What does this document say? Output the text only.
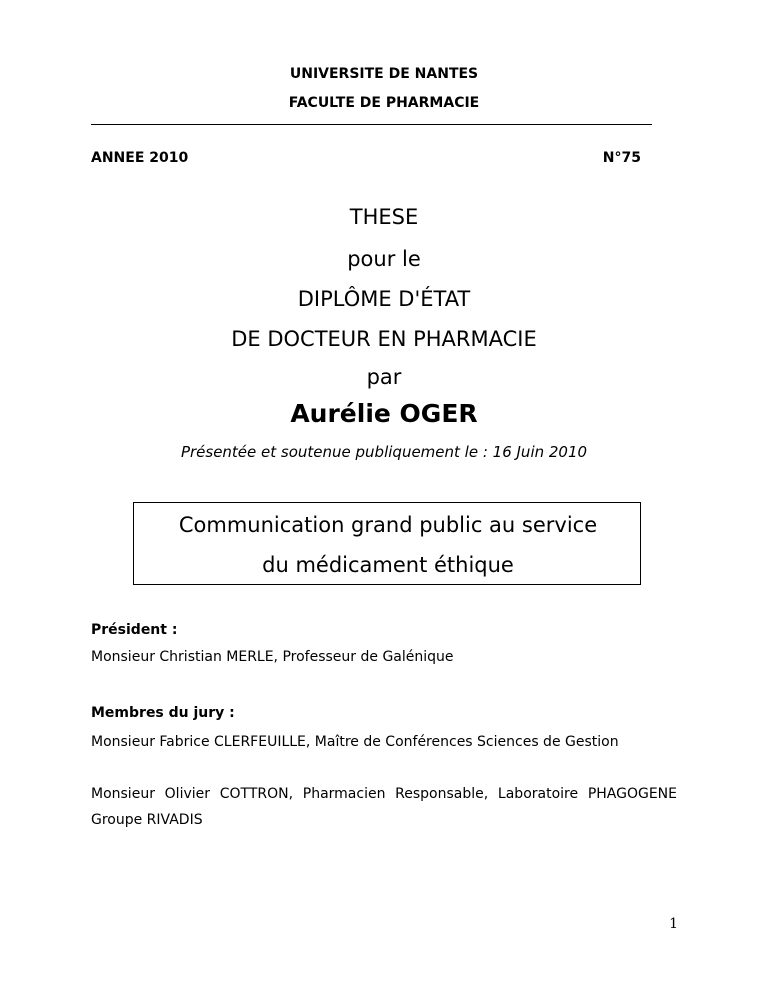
UNIVERSITE DE NANTES
FACULTE DE PHARMACIE
ANNEE 2010	N°75
THESE
pour le
DIPLÔME D'ÉTAT
DE DOCTEUR EN PHARMACIE
par
Aurélie OGER
Présentée et soutenue publiquement le : 16 Juin 2010
Communication grand public au service
du médicament éthique
Président :
Monsieur Christian MERLE, Professeur de Galénique
Membres du jury :
Monsieur Fabrice CLERFEUILLE, Maître de Conférences Sciences de Gestion
Monsieur Olivier COTTRON, Pharmacien Responsable, Laboratoire PHAGOGENE Groupe RIVADIS
1
